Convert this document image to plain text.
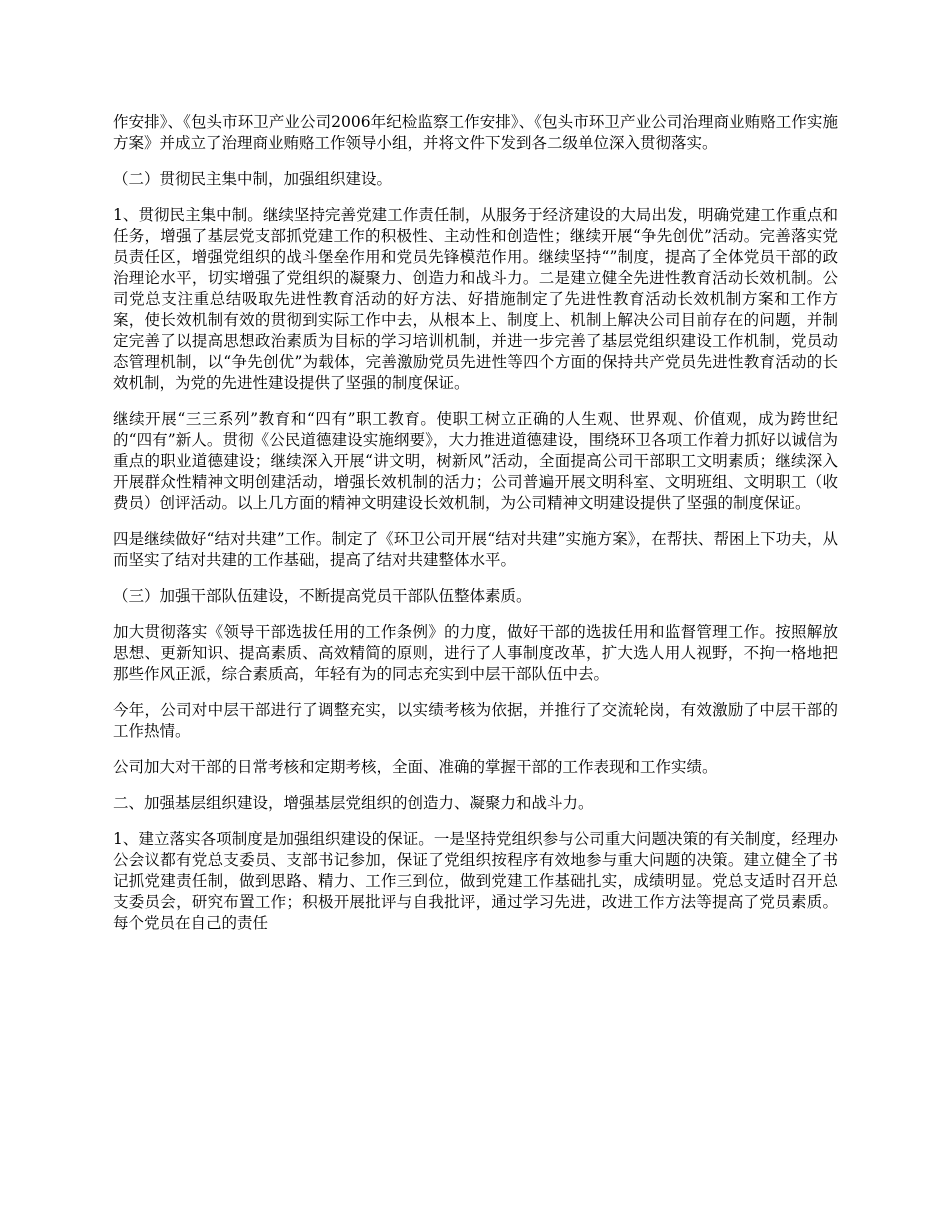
作安排》、《包头市环卫产业公司2006年纪检监察工作安排》、《包头市环卫产业公司治理商业贿赂工作实施方案》并成立了治理商业贿赂工作领导小组，并将文件下发到各二级单位深入贯彻落实。

（二）贯彻民主集中制，加强组织建设。

1、贯彻民主集中制。继续坚持完善党建工作责任制，从服务于经济建设的大局出发，明确党建工作重点和任务，增强了基层党支部抓党建工作的积极性、主动性和创造性；继续开展“争先创优”活动。完善落实党员责任区，增强党组织的战斗堡垒作用和党员先锋模范作用。继续坚持“”制度，提高了全体党员干部的政治理论水平，切实增强了党组织的凝聚力、创造力和战斗力。二是建立健全先进性教育活动长效机制。公司党总支注重总结吸取先进性教育活动的好方法、好措施制定了先进性教育活动长效机制方案和工作方案，使长效机制有效的贯彻到实际工作中去，从根本上、制度上、机制上解决公司目前存在的问题，并制定完善了以提高思想政治素质为目标的学习培训机制，并进一步完善了基层党组织建设工作机制，党员动态管理机制，以“争先创优”为载体，完善激励党员先进性等四个方面的保持共产党员先进性教育活动的长效机制，为党的先进性建设提供了坚强的制度保证。

继续开展“三三系列”教育和“四有”职工教育。使职工树立正确的人生观、世界观、价值观，成为跨世纪的“四有”新人。贯彻《公民道德建设实施纲要》，大力推进道德建设，围绕环卫各项工作着力抓好以诚信为重点的职业道德建设；继续深入开展“讲文明，树新风”活动，全面提高公司干部职工文明素质；继续深入开展群众性精神文明创建活动，增强长效机制的活力；公司普遍开展文明科室、文明班组、文明职工（收费员）创评活动。以上几方面的精神文明建设长效机制，为公司精神文明建设提供了坚强的制度保证。

四是继续做好“结对共建”工作。制定了《环卫公司开展“结对共建”实施方案》，在帮扶、帮困上下功夫，从而坚实了结对共建的工作基础，提高了结对共建整体水平。

（三）加强干部队伍建设，不断提高党员干部队伍整体素质。

加大贯彻落实《领导干部选拔任用的工作条例》的力度，做好干部的选拔任用和监督管理工作。按照解放思想、更新知识、提高素质、高效精简的原则，进行了人事制度改革，扩大选人用人视野，不拘一格地把那些作风正派，综合素质高，年轻有为的同志充实到中层干部队伍中去。

今年，公司对中层干部进行了调整充实，以实绩考核为依据，并推行了交流轮岗，有效激励了中层干部的工作热情。

公司加大对干部的日常考核和定期考核，全面、准确的掌握干部的工作表现和工作实绩。

二、加强基层组织建设，增强基层党组织的创造力、凝聚力和战斗力。

1、建立落实各项制度是加强组织建设的保证。一是坚持党组织参与公司重大问题决策的有关制度，经理办公会议都有党总支委员、支部书记参加，保证了党组织按程序有效地参与重大问题的决策。建立健全了书记抓党建责任制，做到思路、精力、工作三到位，做到党建工作基础扎实，成绩明显。党总支适时召开总支委员会，研究布置工作；积极开展批评与自我批评，通过学习先进，改进工作方法等提高了党员素质。每个党员在自己的责任
